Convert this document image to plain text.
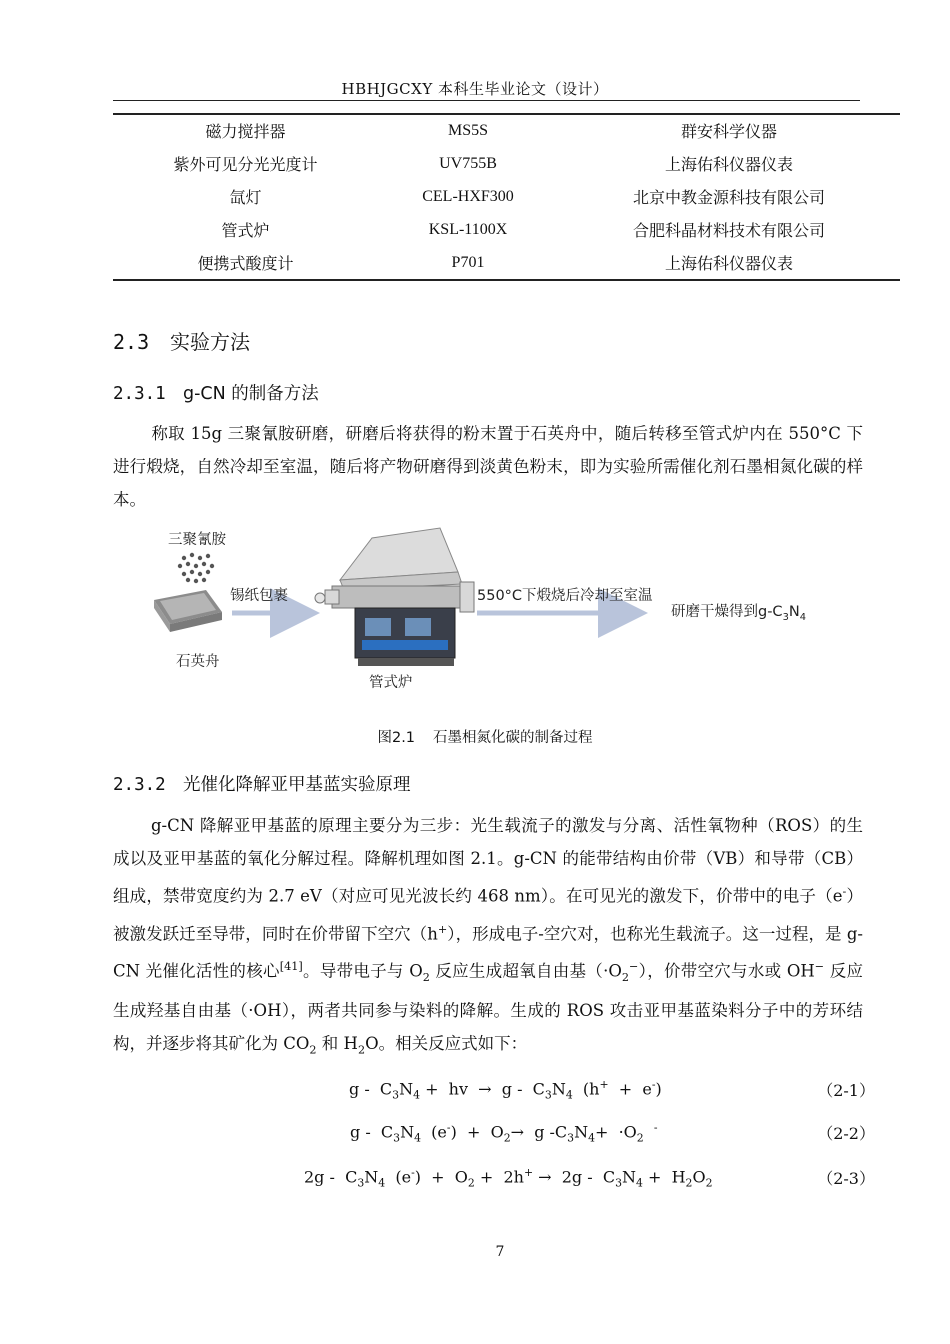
HBHJGCXY 本科生毕业论文（设计）
磁力搅拌器	MS5S	群安科学仪器
紫外可见分光光度计	UV755B	上海佑科仪器仪表
氙灯	CEL-HXF300	北京中教金源科技有限公司
管式炉	KSL-1100X	合肥科晶材料技术有限公司
便携式酸度计	P701	上海佑科仪器仪表
2.3 实验方法
2.3.1 g-CN 的制备方法

称取 15g 三聚氰胺研磨，研磨后将获得的粉末置于石英舟中，随后转移至管式炉内在 550°C 下进行煅烧，自然冷却至室温，随后将产物研磨得到淡黄色粉末，即为实验所需催化剂石墨相氮化碳的样本。

三聚氰胺
石英舟
锡纸包裹
管式炉
550°C下煅烧后冷却至室温
研磨干燥得到$g-C_3N_4$
图2.1 石墨相氮化碳的制备过程
2.3.2 光催化降解亚甲基蓝实验原理

g-CN 降解亚甲基蓝的原理主要分为三步：光生载流子的激发与分离、活性氧物种（ROS）的生成以及亚甲基蓝的氧化分解过程。降解机理如图 2.1。g-CN 的能带结构由价带（VB）和导带（CB）组成，禁带宽度约为 2.7 eV（对应可见光波长约 468 nm）。在可见光的激发下，价带中的电子（e-）被激发跃迁至导带，同时在价带留下空穴（h+），形成电子-空穴对，也称光生载流子。这一过程，是 g-CN 光催化活性的核心[41]。导带电子与 $O_2$ 反应生成超氧自由基$(\cdot O_2^-)$，价带空穴与水或 OH− 反应生成羟基自由基（·OH），两者共同参与染料的降解。生成的 ROS 攻击亚甲基蓝染料分子中的芳环结构，并逐步将其矿化为 $CO_2$ 和 $H_2O$。相关反应式如下：

g -  $C_3N_4$ +  hv  →  g -  $C_3N_4$  (h+  +  e-)	（2-1）
g -  $C_3N_4$  $(e^-) + O_2\to g$ $-C_3N_4+ \cdot O_2$  -	（2-2）
$2g - C_3N_4$  $(e^-) + O_2 + 2h^+ \to 2g - C_3N_4 + H_2O_2$	（2-3）
7
